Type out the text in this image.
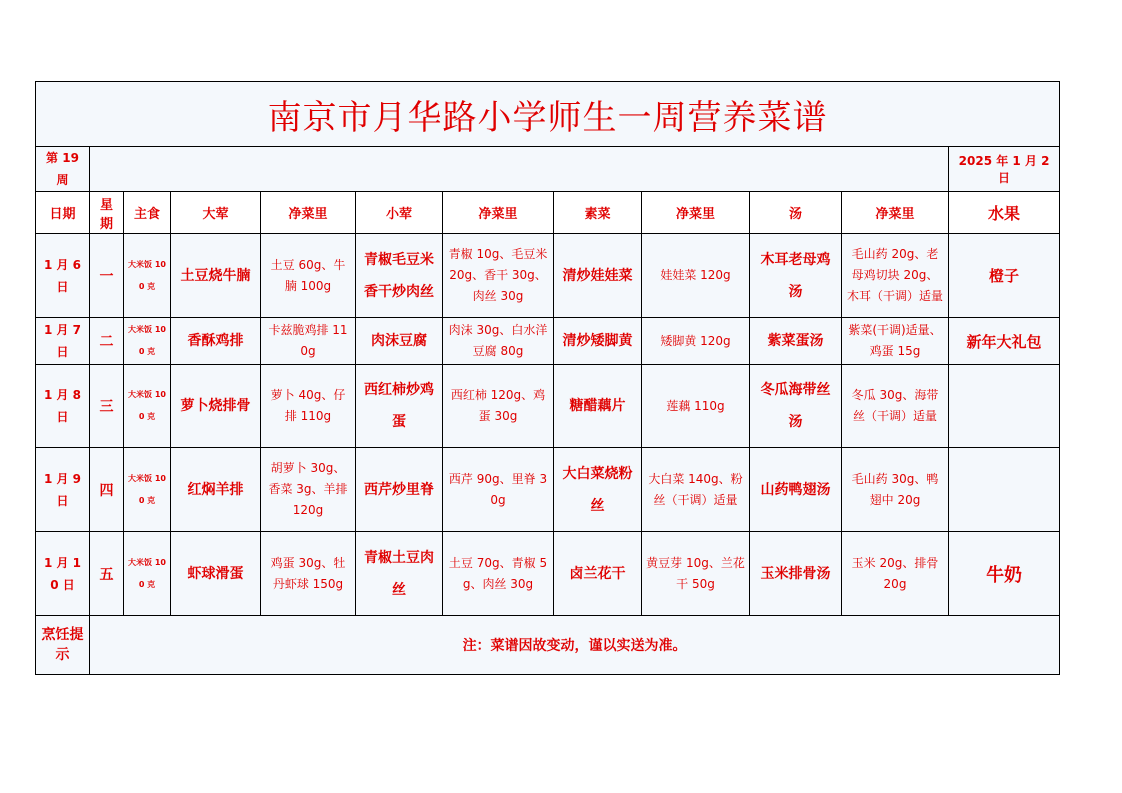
南京市月华路小学师生一周营养菜谱											
第 19 周											2025 年 1 月 2 日
日期	星期	主食	大荤	净菜里	小荤	净菜里	素菜	净菜里	汤	净菜里	水果
1 月 6 日	一	大米饭 100 克	土豆烧牛腩	土豆 60g、牛腩 100g	青椒毛豆米香干炒肉丝	青椒 10g、毛豆米 20g、香干 30g、肉丝 30g	清炒娃娃菜	娃娃菜 120g	木耳老母鸡汤	毛山药 20g、老母鸡切块 20g、木耳（干调）适量	橙子
1 月 7 日	二	大米饭 100 克	香酥鸡排	卡兹脆鸡排 110g	肉沫豆腐	肉沫 30g、白水洋豆腐 80g	清炒矮脚黄	矮脚黄 120g	紫菜蛋汤	紫菜(干调)适量、鸡蛋 15g	新年大礼包
1 月 8 日	三	大米饭 100 克	萝卜烧排骨	萝卜 40g、仔排 110g	西红柿炒鸡蛋	西红柿 120g、鸡蛋 30g	糖醋藕片	莲藕 110g	冬瓜海带丝汤	冬瓜 30g、海带丝（干调）适量	
1 月 9 日	四	大米饭 100 克	红焖羊排	胡萝卜 30g、香菜 3g、羊排 120g	西芹炒里脊	西芹 90g、里脊 30g	大白菜烧粉丝	大白菜 140g、粉丝（干调）适量	山药鸭翅汤	毛山药 30g、鸭翅中 20g	
1 月 10 日	五	大米饭 100 克	虾球滑蛋	鸡蛋 30g、牡丹虾球 150g	青椒土豆肉丝	土豆 70g、青椒 5g、肉丝 30g	卤兰花干	黄豆芽 10g、兰花干 50g	玉米排骨汤	玉米 20g、排骨 20g	牛奶
烹饪提示	注：菜谱因故变动，谨以实送为准。										
